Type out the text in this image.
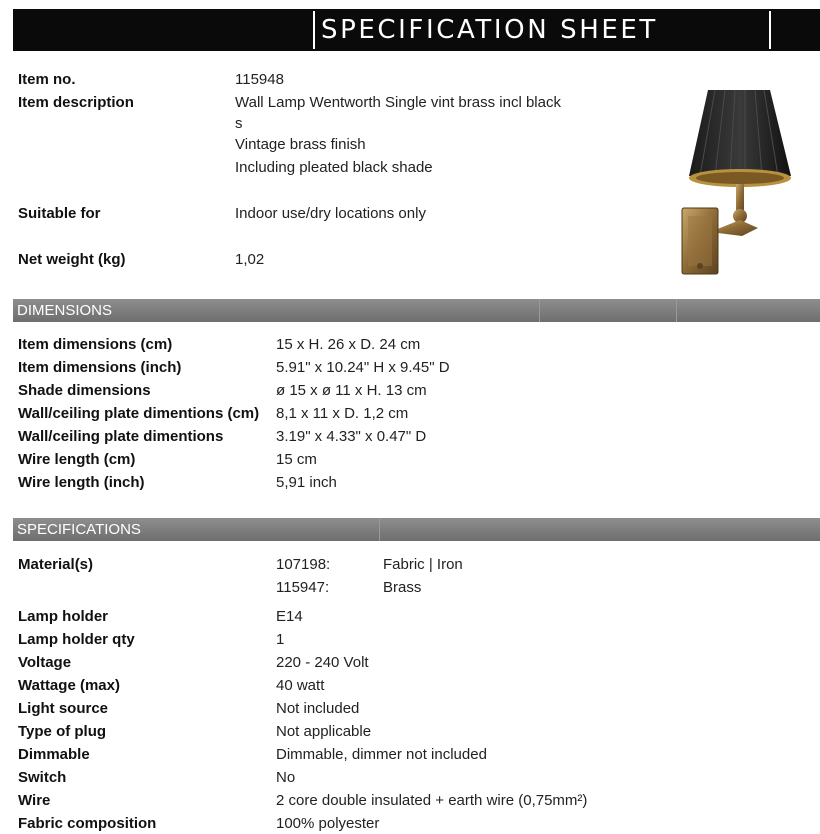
SPECIFICATION SHEET
Item no.	115948
Item description	Wall Lamp Wentworth Single vint brass incl black
s
Vintage brass finish
Including pleated black shade
Suitable for	Indoor use/dry locations only
Net weight (kg)	1,02
DIMENSIONS
Item dimensions (cm)	15 x H. 26 x D. 24 cm
Item dimensions (inch)	5.91" x 10.24" H x 9.45" D
Shade dimensions	ø 15 x ø 11 x H. 13 cm
Wall/ceiling plate dimentions (cm) 8,1 x 11 x D. 1,2 cm
Wall/ceiling plate dimentions	3.19" x 4.33" x 0.47" D
Wire length (cm)	15 cm
Wire length (inch)	5,91 inch
SPECIFICATIONS
Material(s)	107198:	Fabric | Iron
115947:	Brass
Lamp holder	E14
Lamp holder qty	1
Voltage	220 - 240 Volt
Wattage (max)	40 watt
Light source	Not included
Type of plug	Not applicable
Dimmable	Dimmable, dimmer not included
Switch	No
Wire	2 core double insulated + earth wire (0,75mm²)
Fabric composition	100% polyester
